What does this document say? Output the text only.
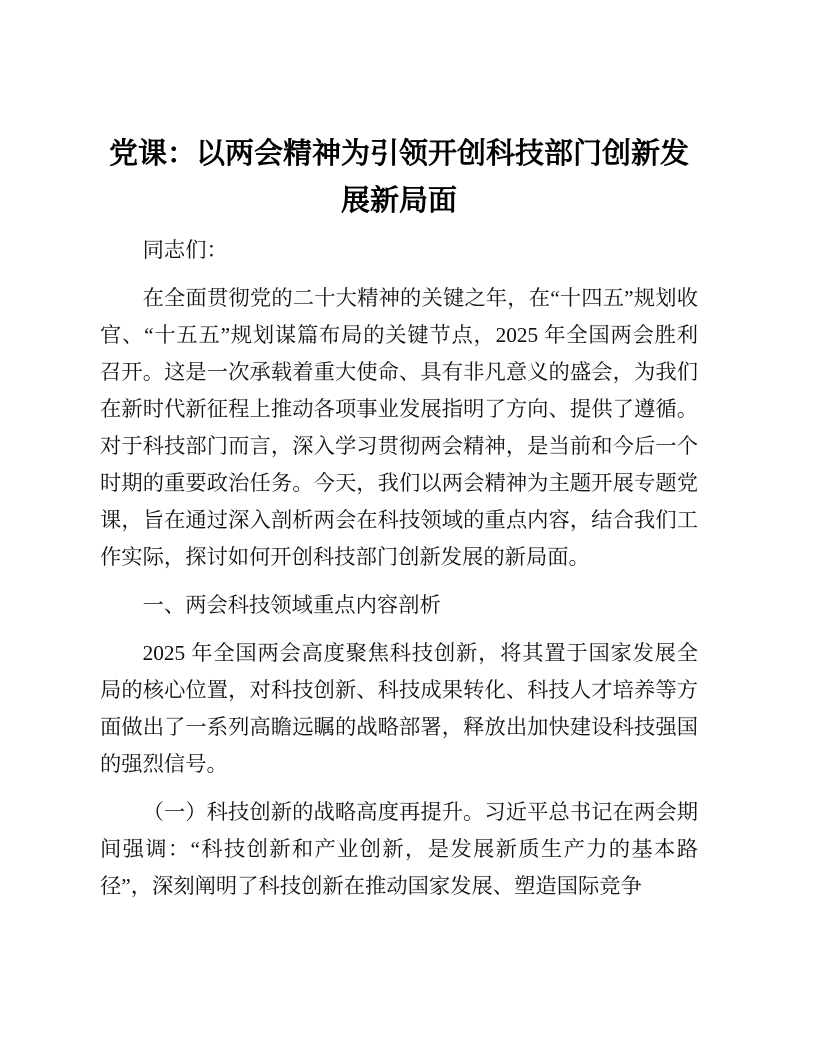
党课：以两会精神为引领开创科技部门创新发展新局面

同志们：

在全面贯彻党的二十大精神的关键之年，在“十四五”规划收官、“十五五”规划谋篇布局的关键节点，2025 年全国两会胜利召开。这是一次承载着重大使命、具有非凡意义的盛会，为我们在新时代新征程上推动各项事业发展指明了方向、提供了遵循。对于科技部门而言，深入学习贯彻两会精神，是当前和今后一个时期的重要政治任务。今天，我们以两会精神为主题开展专题党课，旨在通过深入剖析两会在科技领域的重点内容，结合我们工作实际，探讨如何开创科技部门创新发展的新局面。

一、两会科技领域重点内容剖析

2025 年全国两会高度聚焦科技创新，将其置于国家发展全局的核心位置，对科技创新、科技成果转化、科技人才培养等方面做出了一系列高瞻远瞩的战略部署，释放出加快建设科技强国的强烈信号。

（一）科技创新的战略高度再提升。习近平总书记在两会期间强调：“科技创新和产业创新，是发展新质生产力的基本路径”，深刻阐明了科技创新在推动国家发展、塑造国际竞争
